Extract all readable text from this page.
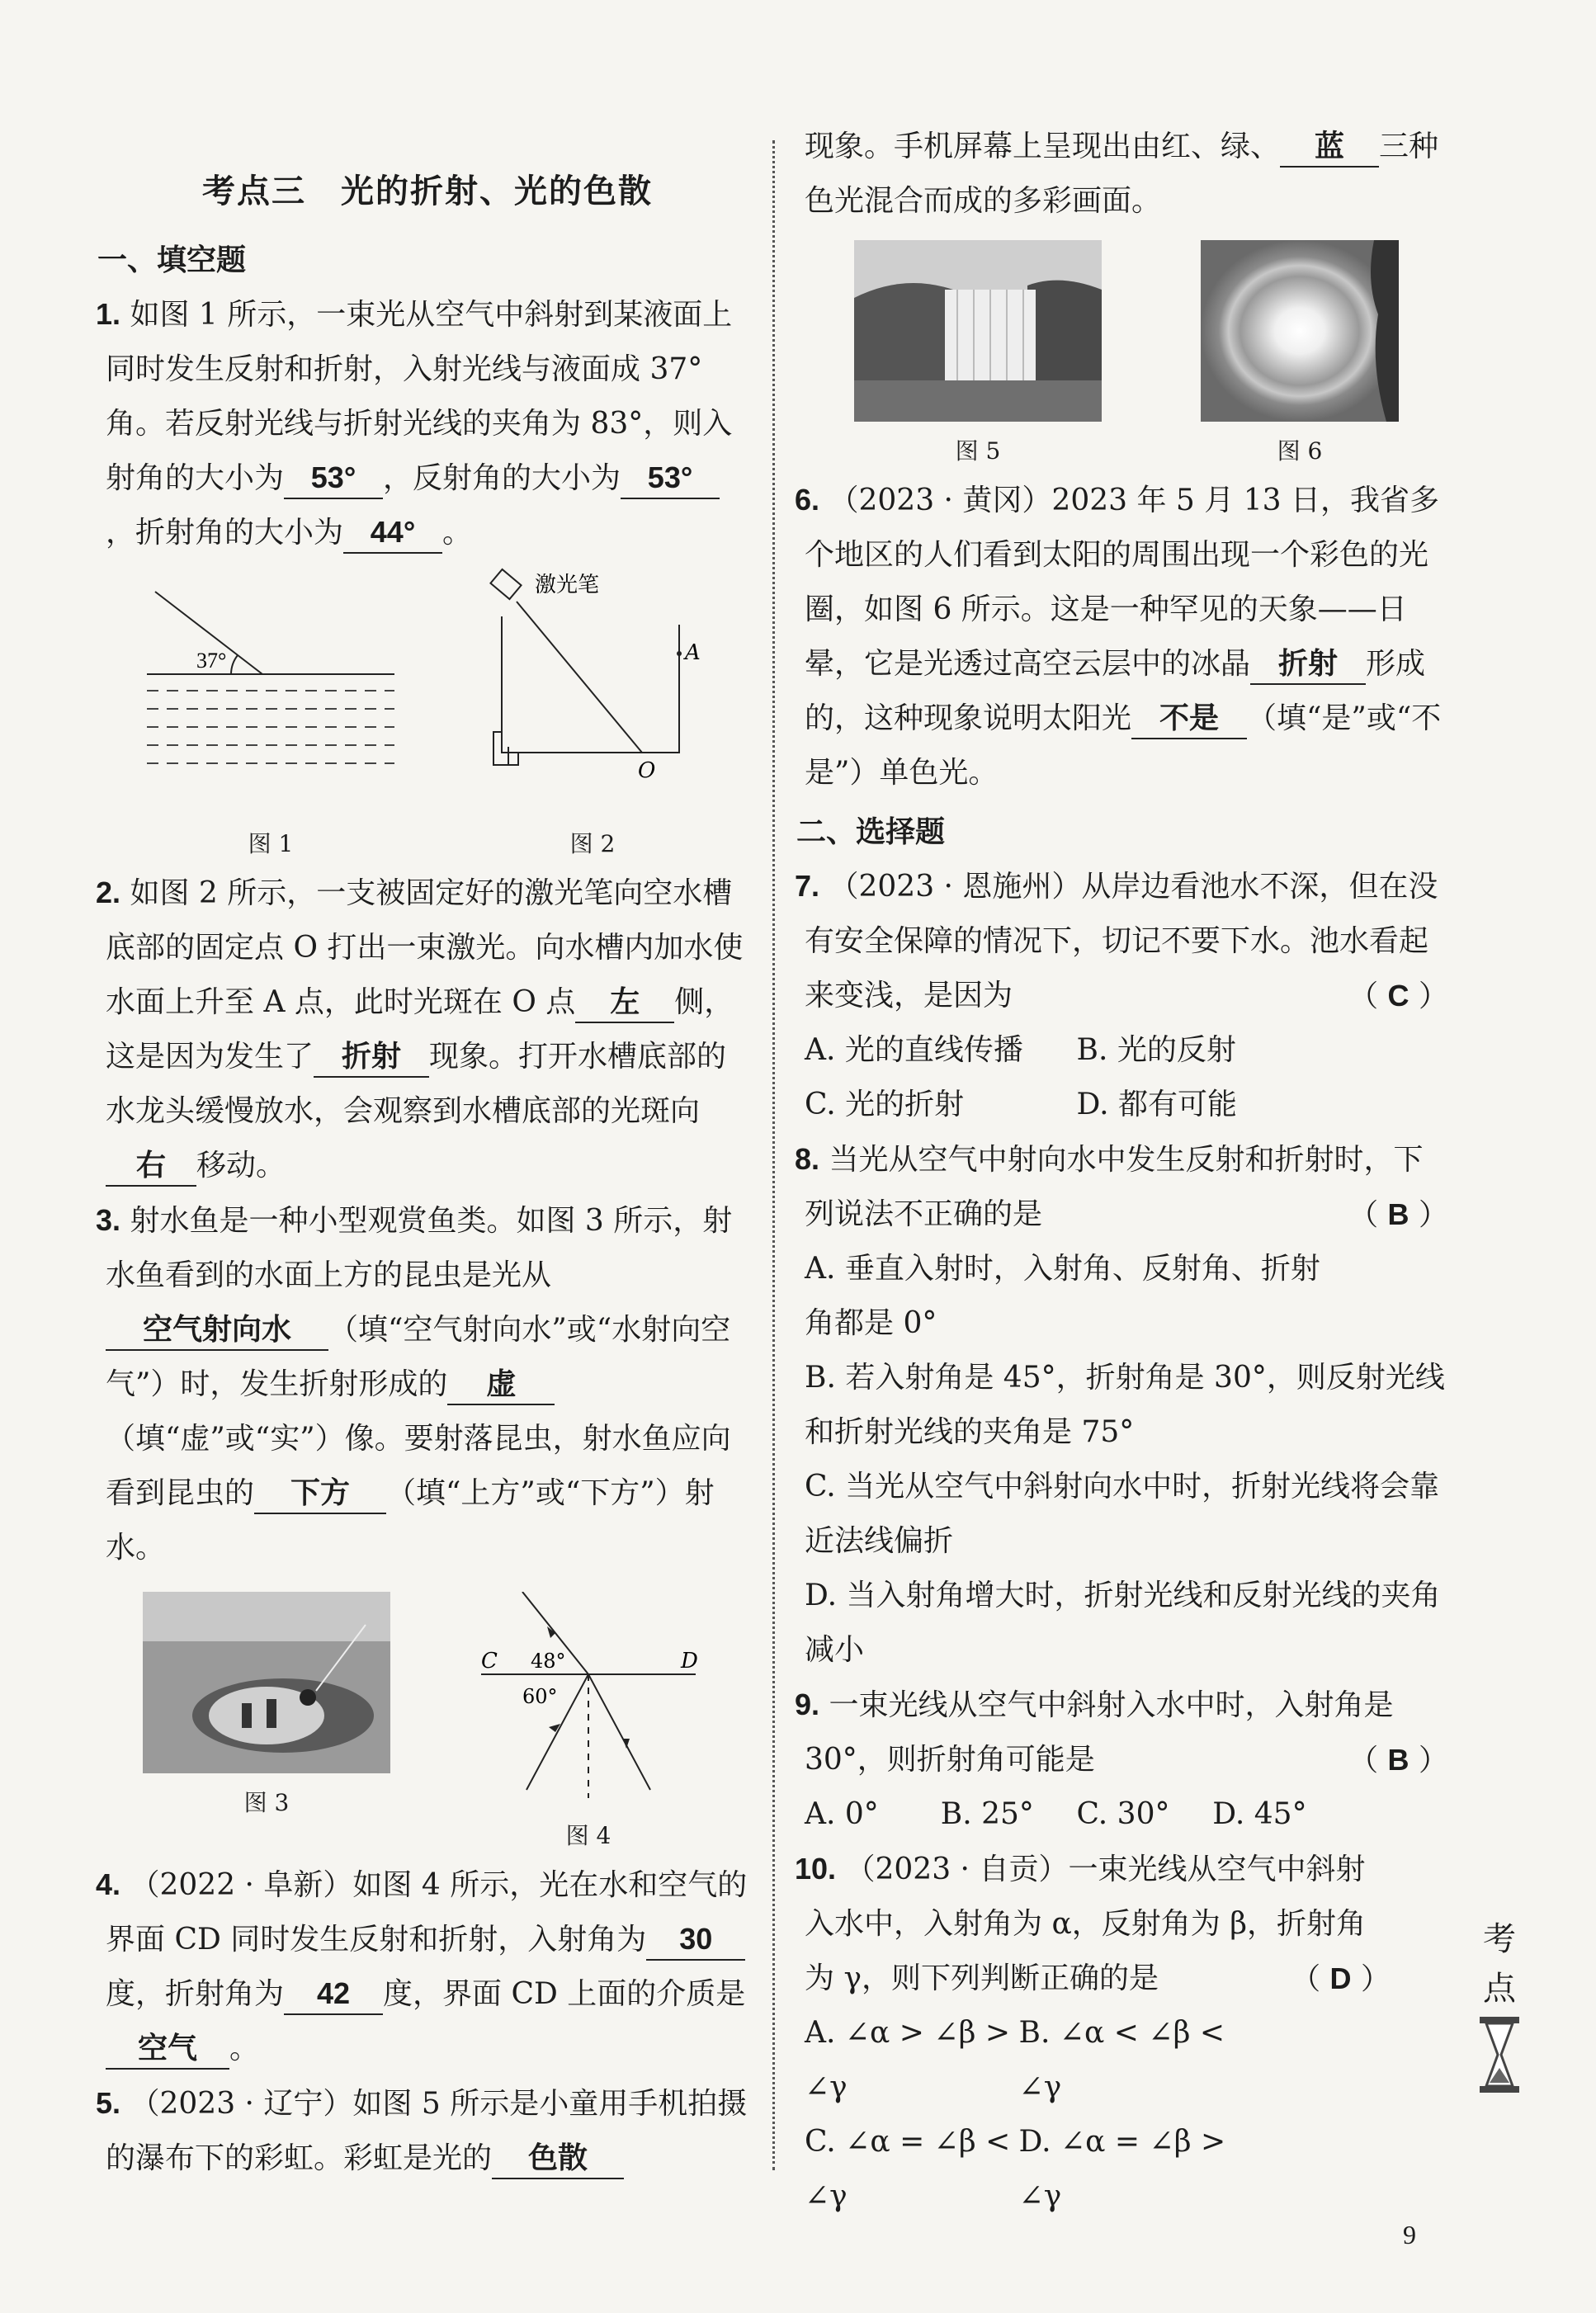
考点三　光的折射、光的色散
一、填空题
1. 如图 1 所示，一束光从空气中斜射到某液面上同时发生反射和折射，入射光线与液面成 37°角。若反射光线与折射光线的夹角为 83°，则入射角的大小为 53° ，反射角的大小为 53°，折射角的大小为 44° 。
37°
图 1
激光笔
A
O
图 2
2. 如图 2 所示，一支被固定好的激光笔向空水槽底部的固定点 O 打出一束激光。向水槽内加水使水面上升至 A 点，此时光斑在 O 点 左 侧，这是因为发生了 折射 现象。打开水槽底部的水龙头缓慢放水，会观察到水槽底部的光斑向右 移动。
3. 射水鱼是一种小型观赏鱼类。如图 3 所示，射水鱼看到的水面上方的昆虫是光从空气射向水 （填“空气射向水”或“水射向空气”）时，发生折射形成的 虚（填“虚”或“实”）像。要射落昆虫，射水鱼应向看到昆虫的 下方 （填“上方”或“下方”）射水。
图 3
C	D
48°
60°
图 4
4. （2022 · 阜新）如图 4 所示，光在水和空气的界面 CD 同时发生反射和折射，入射角为 30度，折射角为 42 度，界面 CD 上面的介质是空气 。
5. （2023 · 辽宁）如图 5 所示是小童用手机拍摄的瀑布下的彩虹。彩虹是光的 色散
现象。手机屏幕上呈现出由红、绿、 蓝 三种色光混合而成的多彩画面。
图 5	图 6
6. （2023 · 黄冈）2023 年 5 月 13 日，我省多个地区的人们看到太阳的周围出现一个彩色的光圈，如图 6 所示。这是一种罕见的天象——日晕，它是光透过高空云层中的冰晶 折射 形成的，这种现象说明太阳光 不是 （填“是”或“不是”）单色光。
二、选择题
7. （2023 · 恩施州）从岸边看池水不深，但在没有安全保障的情况下，切记不要下水。池水看起来变浅，是因为	（ C ）
A. 光的直线传播	B. 光的反射
C. 光的折射	D. 都有可能
8. 当光从空气中射向水中发生反射和折射时，下列说法不正确的是	（ B ）
A. 垂直入射时，入射角、反射角、折射角都是 0°
B. 若入射角是 45°，折射角是 30°，则反射光线和折射光线的夹角是 75°
C. 当光从空气中斜射向水中时，折射光线将会靠近法线偏折
D. 当入射角增大时，折射光线和反射光线的夹角减小
9. 一束光线从空气中斜射入水中时，入射角是 30°，则折射角可能是	（ B ）
A. 0°	B. 25°	C. 30°	D. 45°
10. （2023 · 自贡）一束光线从空气中斜射入水中，入射角为 α，反射角为 β，折射角为 γ，则下列判断正确的是	（ D ）
A. ∠α > ∠β > ∠γ
B. ∠α < ∠β < ∠γ
C. ∠α = ∠β < ∠γ
D. ∠α = ∠β > ∠γ
考
点
9
